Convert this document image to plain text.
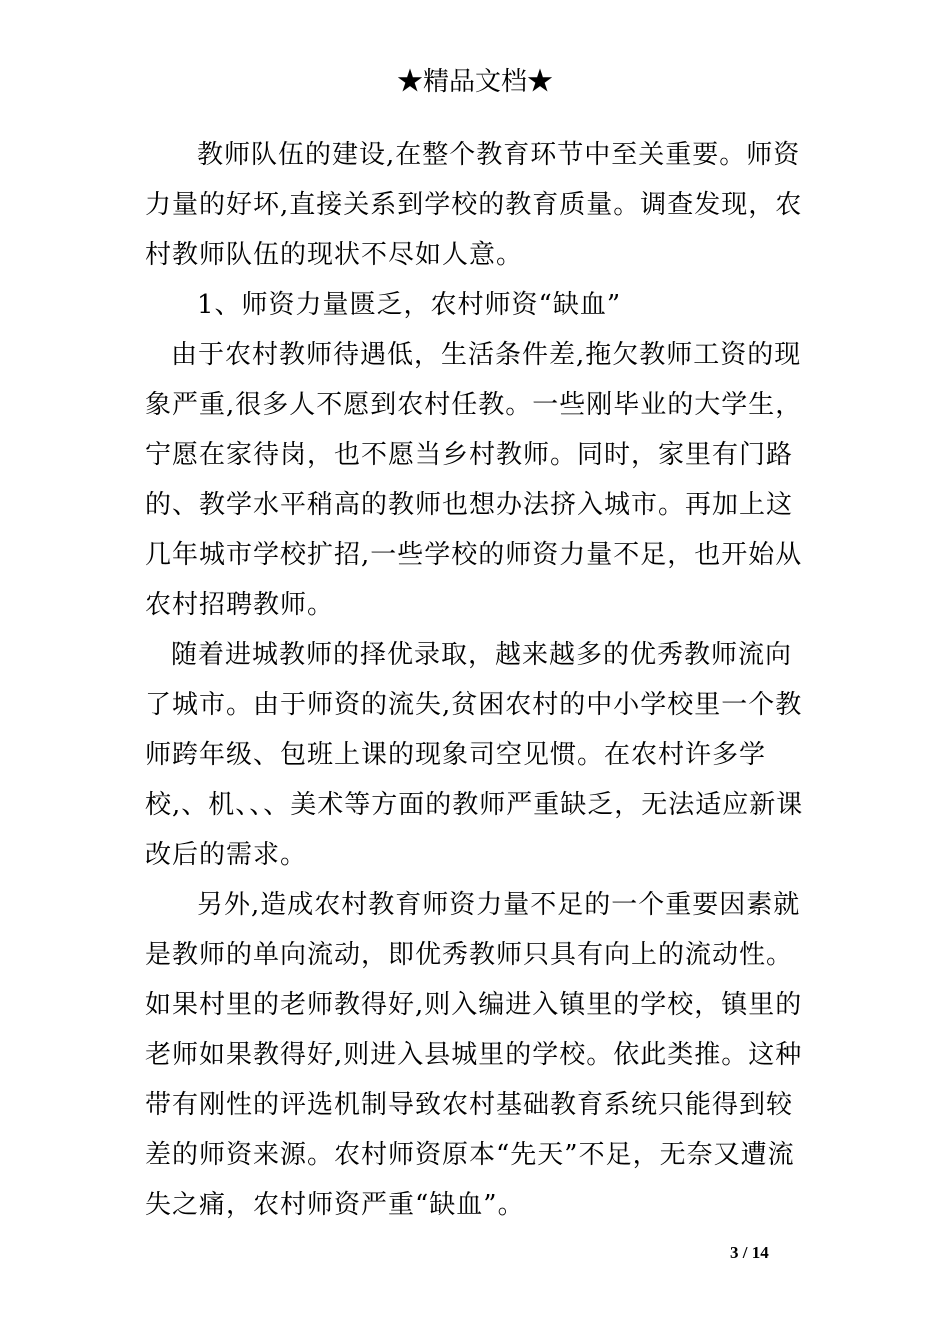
★精品文档★

教师队伍的建设,在整个教育环节中至关重要。师资力量的好坏,直接关系到学校的教育质量。调查发现，农村教师队伍的现状不尽如人意。

1、师资力量匮乏，农村师资“缺血”

由于农村教师待遇低，生活条件差,拖欠教师工资的现象严重,很多人不愿到农村任教。一些刚毕业的大学生，宁愿在家待岗，也不愿当乡村教师。同时，家里有门路的、教学水平稍高的教师也想办法挤入城市。再加上这几年城市学校扩招,一些学校的师资力量不足，也开始从农村招聘教师。

随着进城教师的择优录取，越来越多的优秀教师流向了城市。由于师资的流失,贫困农村的中小学校里一个教师跨年级、包班上课的现象司空见惯。在农村许多学校,、机、、、美术等方面的教师严重缺乏，无法适应新课改后的需求。

另外,造成农村教育师资力量不足的一个重要因素就是教师的单向流动，即优秀教师只具有向上的流动性。如果村里的老师教得好,则入编进入镇里的学校，镇里的老师如果教得好,则进入县城里的学校。依此类推。这种带有刚性的评选机制导致农村基础教育系统只能得到较差的师资来源。农村师资原本“先天”不足，无奈又遭流失之痛，农村师资严重“缺血”。

3 / 14
